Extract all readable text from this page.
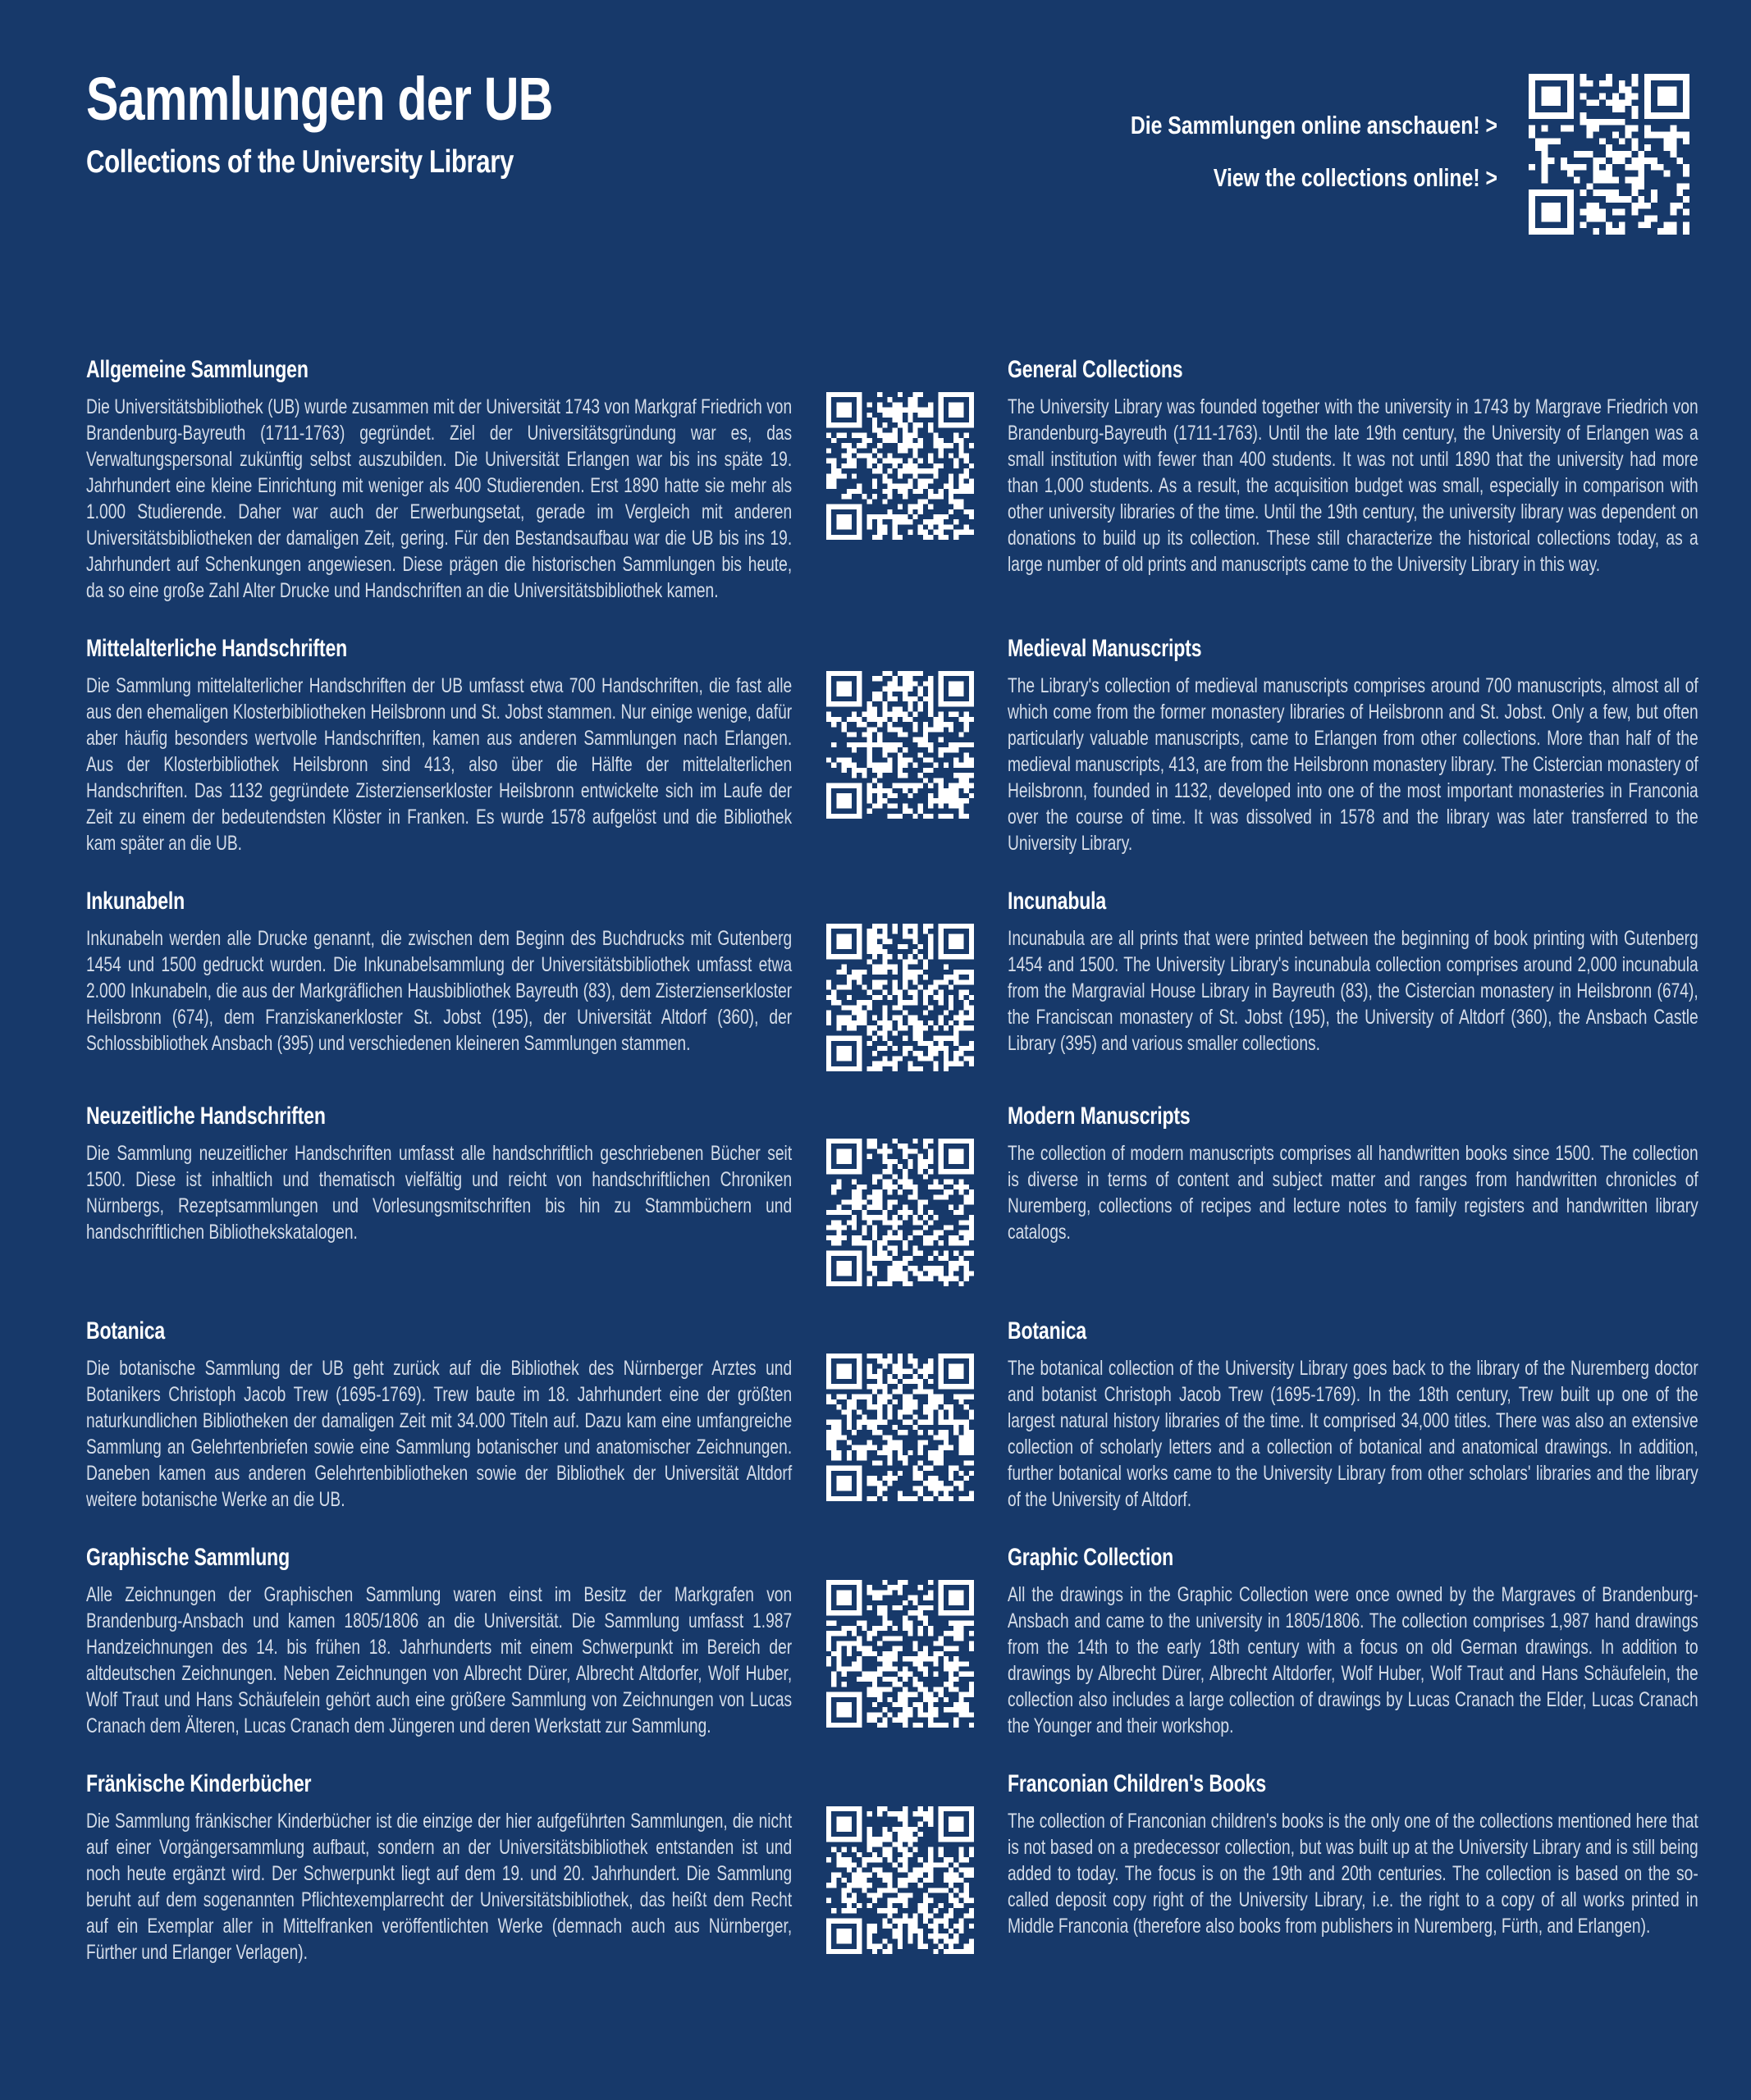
Sammlungen der UB
Collections of the University Library
Die Sammlungen online anschauen! >
View the collections online! >
Allgemeine Sammlungen

Die Universitätsbibliothek (UB) wurde zusammen mit der Universität 1743 von Markgraf Friedrich von Brandenburg-Bayreuth (1711-1763) gegründet. Ziel der Universitätsgründung war es, das Verwaltungspersonal zukünftig selbst auszubilden. Die Universität Erlangen war bis ins späte 19. Jahrhundert eine kleine Einrichtung mit weniger als 400 Studierenden. Erst 1890 hatte sie mehr als 1.000 Studierende. Daher war auch der Erwerbungsetat, gerade im Vergleich mit anderen Universitätsbibliotheken der damaligen Zeit, gering. Für den Bestandsaufbau war die UB bis ins 19. Jahrhundert auf Schenkungen angewiesen. Diese prägen die historischen Sammlungen bis heute, da so eine große Zahl Alter Drucke und Handschriften an die Universitätsbibliothek kamen.

General Collections

The University Library was founded together with the university in 1743 by Margrave Friedrich von Brandenburg-Bayreuth (1711-1763). Until the late 19th century, the University of Erlangen was a small institution with fewer than 400 students. It was not until 1890 that the university had more than 1,000 students. As a result, the acquisition budget was small, especially in comparison with other university libraries of the time. Until the 19th century, the university library was dependent on donations to build up its collection. These still characterize the historical collections today, as a large number of old prints and manuscripts came to the University Library in this way.

Mittelalterliche Handschriften

Die Sammlung mittelalterlicher Handschriften der UB umfasst etwa 700 Handschriften, die fast alle aus den ehemaligen Klosterbibliotheken Heilsbronn und St. Jobst stammen. Nur einige wenige, dafür aber häufig besonders wertvolle Handschriften, kamen aus anderen Sammlungen nach Erlangen. Aus der Klosterbibliothek Heilsbronn sind 413, also über die Hälfte der mittelalterlichen Handschriften. Das 1132 gegründete Zisterzienserkloster Heilsbronn entwickelte sich im Laufe der Zeit zu einem der bedeutendsten Klöster in Franken. Es wurde 1578 aufgelöst und die Bibliothek kam später an die UB.

Medieval Manuscripts

The Library's collection of medieval manuscripts comprises around 700 manuscripts, almost all of which come from the former monastery libraries of Heilsbronn and St. Jobst. Only a few, but often particularly valuable manuscripts, came to Erlangen from other collections. More than half of the medieval manuscripts, 413, are from the Heilsbronn monastery library. The Cistercian monastery of Heilsbronn, founded in 1132, developed into one of the most important monasteries in Franconia over the course of time. It was dissolved in 1578 and the library was later transferred to the University Library.

Inkunabeln

Inkunabeln werden alle Drucke genannt, die zwischen dem Beginn des Buchdrucks mit Gutenberg 1454 und 1500 gedruckt wurden. Die Inkunabelsammlung der Universitätsbibliothek umfasst etwa 2.000 Inkunabeln, die aus der Markgräflichen Hausbibliothek Bayreuth (83), dem Zisterzienserkloster Heilsbronn (674), dem Franziskanerkloster St. Jobst (195), der Universität Altdorf (360), der Schlossbibliothek Ansbach (395) und verschiedenen kleineren Sammlungen stammen.

Incunabula

Incunabula are all prints that were printed between the beginning of book printing with Gutenberg 1454 and 1500. The University Library's incunabula collection comprises around 2,000 incunabula from the Margravial House Library in Bayreuth (83), the Cistercian monastery in Heilsbronn (674), the Franciscan monastery of St. Jobst (195), the University of Altdorf (360), the Ansbach Castle Library (395) and various smaller collections.

Neuzeitliche Handschriften

Die Sammlung neuzeitlicher Handschriften umfasst alle handschriftlich geschriebenen Bücher seit 1500. Diese ist inhaltlich und thematisch vielfältig und reicht von handschriftlichen Chroniken Nürnbergs, Rezeptsammlungen und Vorlesungsmitschriften bis hin zu Stammbüchern und handschriftlichen Bibliothekskatalogen.

Modern Manuscripts

The collection of modern manuscripts comprises all handwritten books since 1500. The collection is diverse in terms of content and subject matter and ranges from handwritten chronicles of Nuremberg, collections of recipes and lecture notes to family registers and handwritten library catalogs.

Botanica

Die botanische Sammlung der UB geht zurück auf die Bibliothek des Nürnberger Arztes und Botanikers Christoph Jacob Trew (1695-1769). Trew baute im 18. Jahrhundert eine der größten naturkundlichen Bibliotheken der damaligen Zeit mit 34.000 Titeln auf. Dazu kam eine umfangreiche Sammlung an Gelehrtenbriefen sowie eine Sammlung botanischer und anatomischer Zeichnungen. Daneben kamen aus anderen Gelehrtenbibliotheken sowie der Bibliothek der Universität Altdorf weitere botanische Werke an die UB.

Botanica

The botanical collection of the University Library goes back to the library of the Nuremberg doctor and botanist Christoph Jacob Trew (1695-1769). In the 18th century, Trew built up one of the largest natural history libraries of the time. It comprised 34,000 titles. There was also an extensive collection of scholarly letters and a collection of botanical and anatomical drawings. In addition, further botanical works came to the University Library from other scholars' libraries and the library of the University of Altdorf.

Graphische Sammlung

Alle Zeichnungen der Graphischen Sammlung waren einst im Besitz der Markgrafen von Brandenburg-Ansbach und kamen 1805/1806 an die Universität. Die Sammlung umfasst 1.987 Handzeichnungen des 14. bis frühen 18. Jahrhunderts mit einem Schwerpunkt im Bereich der altdeutschen Zeichnungen. Neben Zeichnungen von Albrecht Dürer, Albrecht Altdorfer, Wolf Huber, Wolf Traut und Hans Schäufelein gehört auch eine größere Sammlung von Zeichnungen von Lucas Cranach dem Älteren, Lucas Cranach dem Jüngeren und deren Werkstatt zur Sammlung.

Graphic Collection

All the drawings in the Graphic Collection were once owned by the Margraves of Brandenburg-Ansbach and came to the university in 1805/1806. The collection comprises 1,987 hand drawings from the 14th to the early 18th century with a focus on old German drawings. In addition to drawings by Albrecht Dürer, Albrecht Altdorfer, Wolf Huber, Wolf Traut and Hans Schäufelein, the collection also includes a large collection of drawings by Lucas Cranach the Elder, Lucas Cranach the Younger and their workshop.

Fränkische Kinderbücher

Die Sammlung fränkischer Kinderbücher ist die einzige der hier aufgeführten Sammlungen, die nicht auf einer Vorgängersammlung aufbaut, sondern an der Universitätsbibliothek entstanden ist und noch heute ergänzt wird. Der Schwerpunkt liegt auf dem 19. und 20. Jahrhundert. Die Sammlung beruht auf dem sogenannten Pflichtexemplarrecht der Universitätsbibliothek, das heißt dem Recht auf ein Exemplar aller in Mittelfranken veröffentlichten Werke (demnach auch aus Nürnberger, Fürther und Erlanger Verlagen).

Franconian Children's Books

The collection of Franconian children's books is the only one of the collections mentioned here that is not based on a predecessor collection, but was built up at the University Library and is still being added to today. The focus is on the 19th and 20th centuries. The collection is based on the so-called deposit copy right of the University Library, i.e. the right to a copy of all works printed in Middle Franconia (therefore also books from publishers in Nuremberg, Fürth, and Erlangen).
